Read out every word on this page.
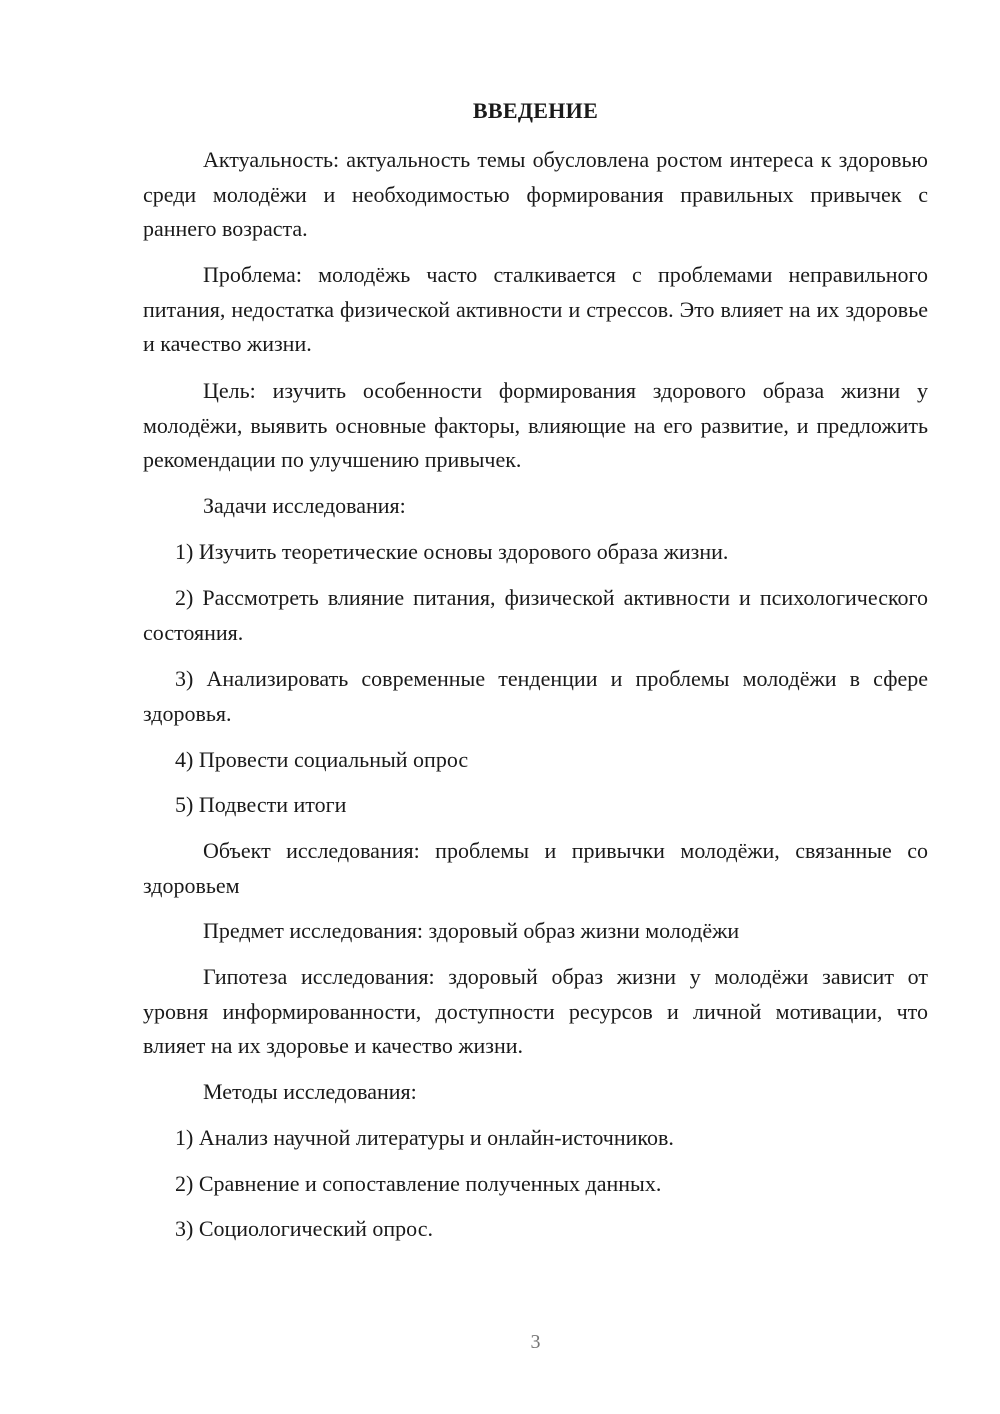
ВВЕДЕНИЕ
Актуальность: актуальность темы обусловлена ростом интереса к здоровью среди молодёжи и необходимостью формирования правильных привычек с раннего возраста.
Проблема: молодёжь часто сталкивается с проблемами неправильного питания, недостатка физической активности и стрессов. Это влияет на их здоровье и качество жизни.
Цель: изучить особенности формирования здорового образа жизни у молодёжи, выявить основные факторы, влияющие на его развитие, и предложить рекомендации по улучшению привычек.
Задачи исследования:
1) Изучить теоретические основы здорового образа жизни.
2) Рассмотреть влияние питания, физической активности и психологического состояния.
3) Анализировать современные тенденции и проблемы молодёжи в сфере здоровья.
4) Провести социальный опрос
5) Подвести итоги
Объект исследования: проблемы и привычки молодёжи, связанные со здоровьем
Предмет исследования: здоровый образ жизни молодёжи
Гипотеза исследования: здоровый образ жизни у молодёжи зависит от уровня информированности, доступности ресурсов и личной мотивации, что влияет на их здоровье и качество жизни.
Методы исследования:
1) Анализ научной литературы и онлайн-источников.
2) Сравнение и сопоставление полученных данных.
3) Социологический опрос.
3
